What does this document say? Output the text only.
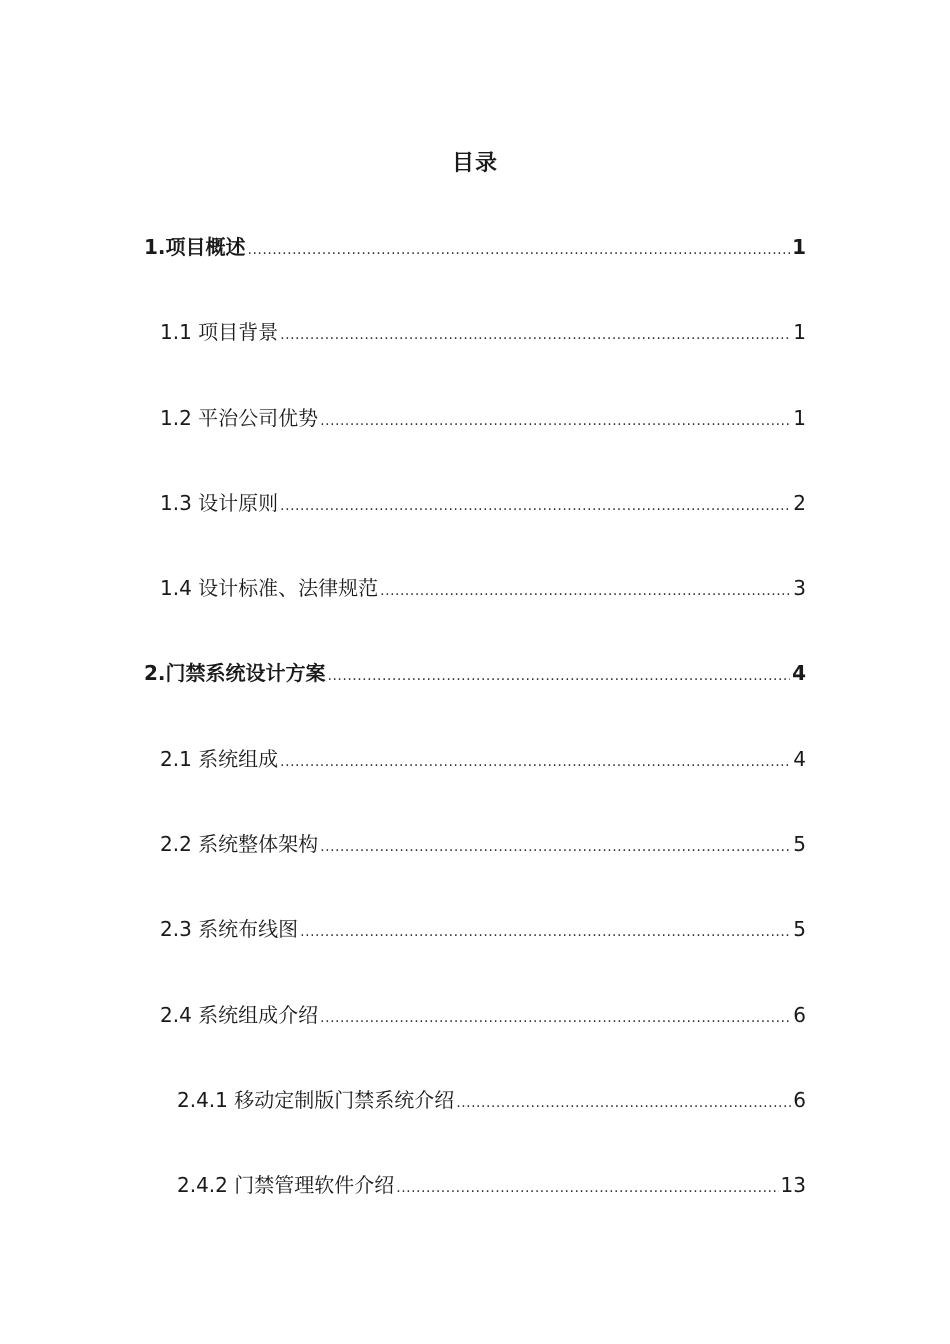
目录
1.项目概述 .....	1
1.1 项目背景 .....	1
1.2 平治公司优势 .....	1
1.3 设计原则 .....	2
1.4 设计标准、法律规范 .....	3
2.门禁系统设计方案 .....	4
2.1 系统组成 .....	4
2.2 系统整体架构 .....	5
2.3 系统布线图 .....	5
2.4 系统组成介绍 .....	6
2.4.1 移动定制版门禁系统介绍 .....	6
2.4.2 门禁管理软件介绍 .....	13
